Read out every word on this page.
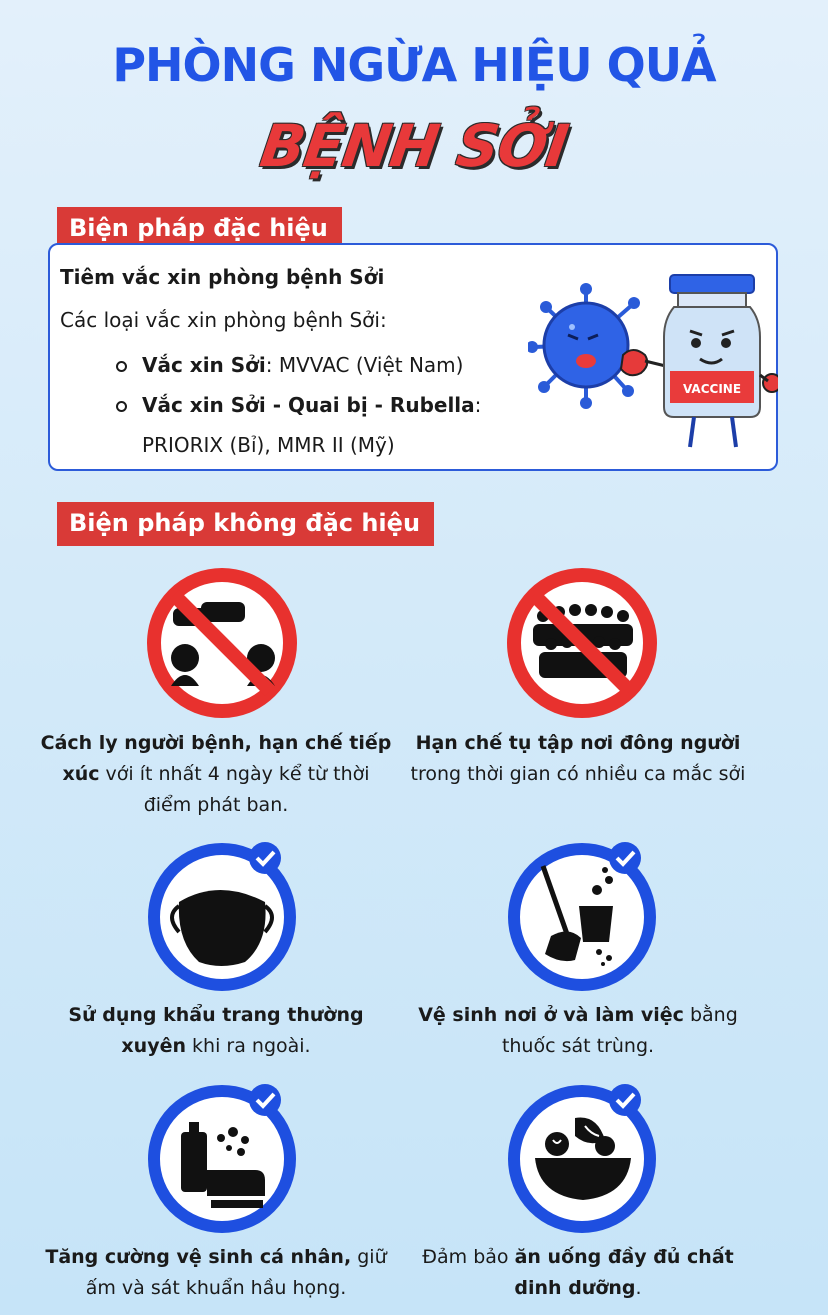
PHÒNG NGỪA HIỆU QUẢ
BỆNH SỞI
Biện pháp đặc hiệu
Tiêm vắc xin phòng bệnh Sởi
Các loại vắc xin phòng bệnh Sởi:
Vắc xin Sởi: MVVAC (Việt Nam)
Vắc xin Sởi - Quai bị - Rubella:
PRIORIX (Bỉ), MMR II (Mỹ)
VACCINE
Biện pháp không đặc hiệu
Cách ly người bệnh, hạn chế tiếp xúc với ít nhất 4 ngày kể từ thời điểm phát ban.
Hạn chế tụ tập nơi đông người trong thời gian có nhiều ca mắc sởi
Sử dụng khẩu trang thường xuyên khi ra ngoài.
Vệ sinh nơi ở và làm việc bằng thuốc sát trùng.
Tăng cường vệ sinh cá nhân, giữ ấm và sát khuẩn hầu họng.
Đảm bảo ăn uống đầy đủ chất dinh dưỡng.
